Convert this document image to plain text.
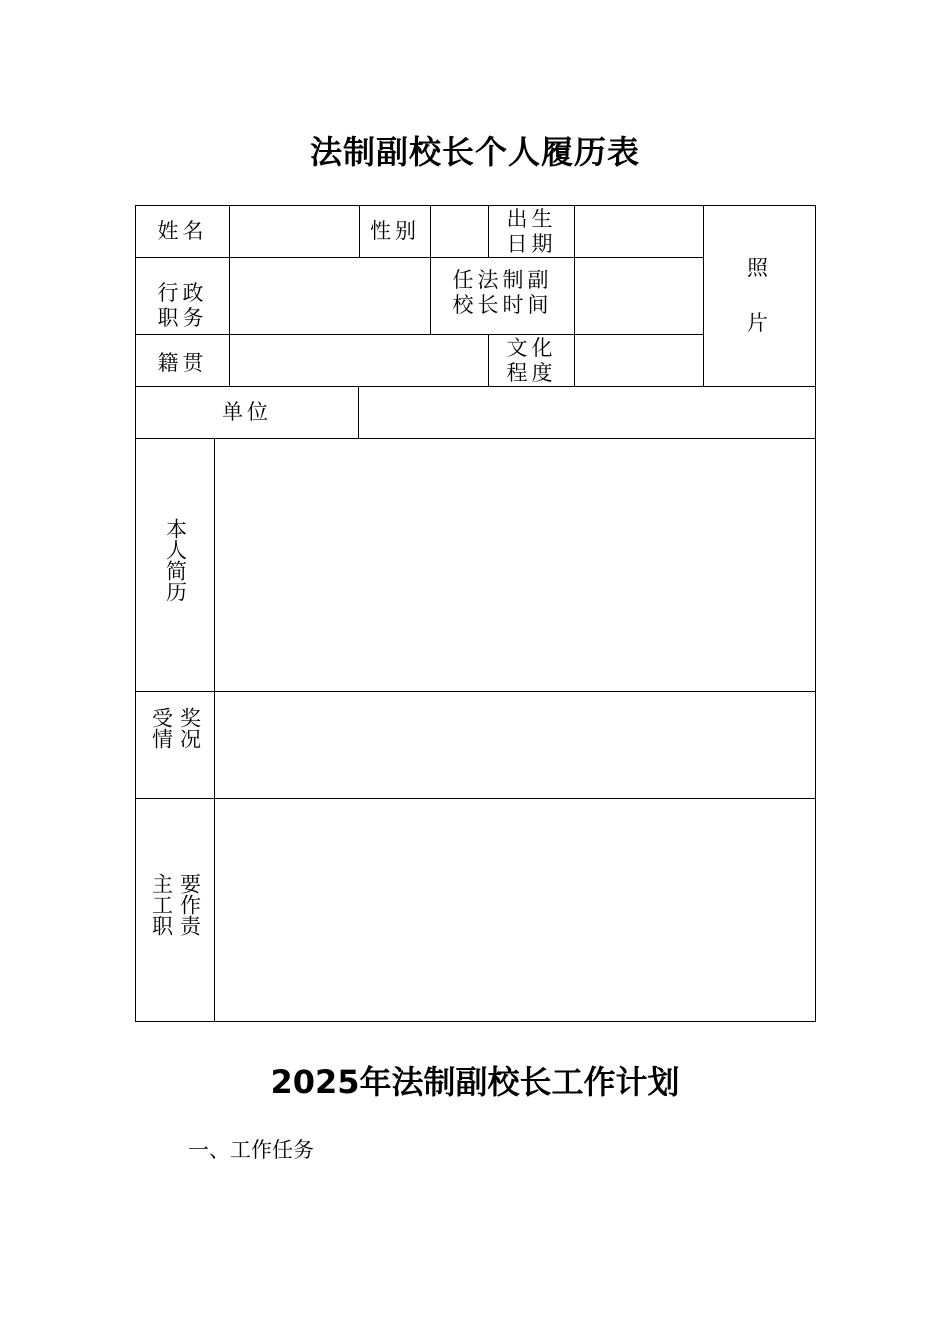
法制副校长个人履历表
姓名	性别
出生
日期
照
片
行政
职务
任法制副
校长时间
籍贯
文化
程度
单位
本人简历
受情 奖况
主工职 要作责
2025年法制副校长工作计划

一、工作任务
